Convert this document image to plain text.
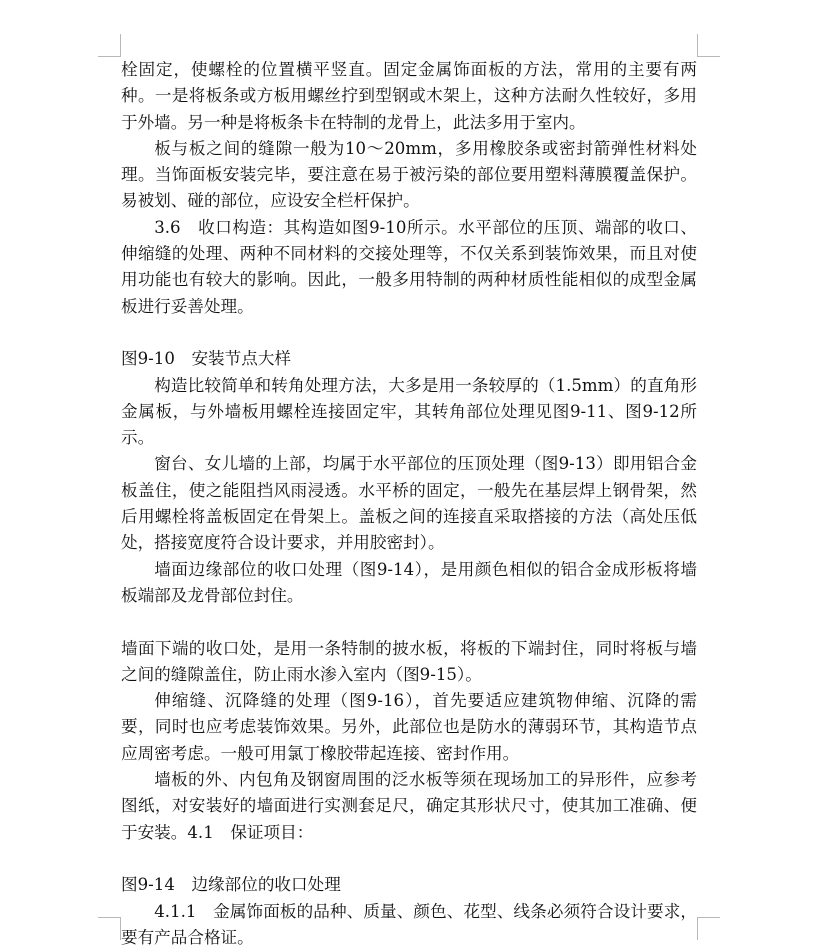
栓固定，使螺栓的位置横平竖直。固定金属饰面板的方法，常用的主要有两种。一是将板条或方板用螺丝拧到型钢或木架上，这种方法耐久性较好，多用于外墙。另一种是将板条卡在特制的龙骨上，此法多用于室内。

板与板之间的缝隙一般为10～20mm，多用橡胶条或密封箭弹性材料处理。当饰面板安装完毕，要注意在易于被污染的部位要用塑料薄膜覆盖保护。易被划、碰的部位，应设安全栏杆保护。

3.6　收口构造：其构造如图9-10所示。水平部位的压顶、端部的收口、伸缩缝的处理、两种不同材料的交接处理等，不仅关系到装饰效果，而且对使用功能也有较大的影响。因此，一般多用特制的两种材质性能相似的成型金属板进行妥善处理。

图9-10　安装节点大样

构造比较简单和转角处理方法，大多是用一条较厚的（1.5mm）的直角形金属板，与外墙板用螺栓连接固定牢，其转角部位处理见图9-11、图9-12所示。

窗台、女儿墙的上部，均属于水平部位的压顶处理（图9-13）即用铝合金板盖住，使之能阻挡风雨浸透。水平桥的固定，一般先在基层焊上钢骨架，然后用螺栓将盖板固定在骨架上。盖板之间的连接直采取搭接的方法（高处压低处，搭接宽度符合设计要求，并用胶密封）。

墙面边缘部位的收口处理（图9-14），是用颜色相似的铝合金成形板将墙板端部及龙骨部位封住。

墙面下端的收口处，是用一条特制的披水板，将板的下端封住，同时将板与墙之间的缝隙盖住，防止雨水渗入室内（图9-15）。

伸缩缝、沉降缝的处理（图9-16），首先要适应建筑物伸缩、沉降的需要，同时也应考虑装饰效果。另外，此部位也是防水的薄弱环节，其构造节点应周密考虑。一般可用氯丁橡胶带起连接、密封作用。

墙板的外、内包角及钢窗周围的泛水板等须在现场加工的异形件，应参考图纸，对安装好的墙面进行实测套足尺，确定其形状尺寸，使其加工准确、便于安装。4.1　保证项目：

图9-14　边缘部位的收口处理

4.1.1　金属饰面板的品种、质量、颜色、花型、线条必须符合设计要求，要有产品合格证。
